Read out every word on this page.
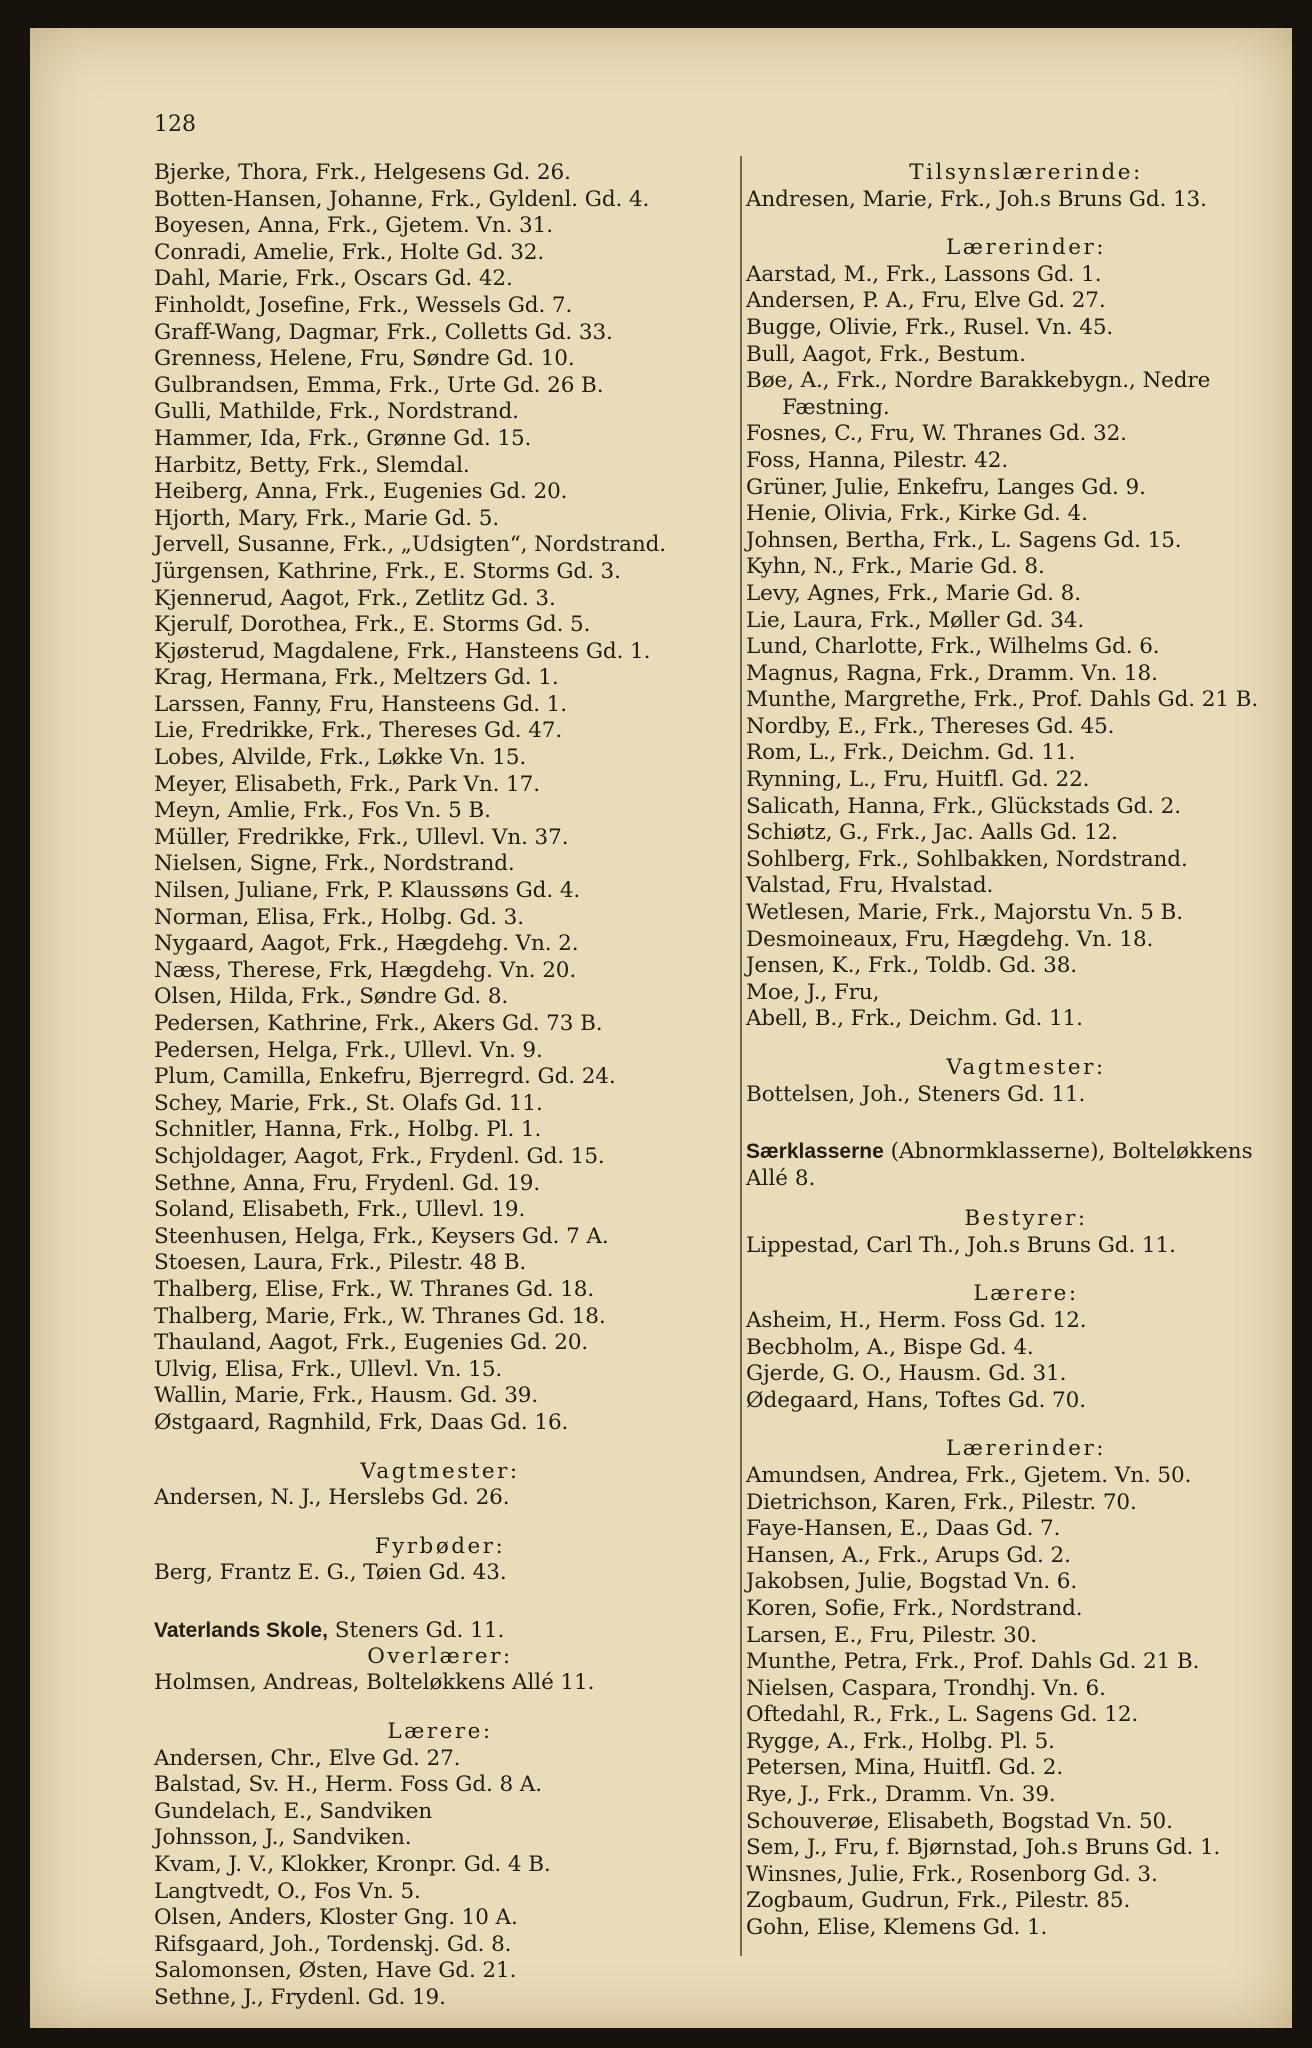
128
Bjerke, Thora, Frk., Helgesens Gd. 26.
Botten-Hansen, Johanne, Frk., Gyldenl. Gd. 4.
Boyesen, Anna, Frk., Gjetem. Vn. 31.
Conradi, Amelie, Frk., Holte Gd. 32.
Dahl, Marie, Frk., Oscars Gd. 42.
Finholdt, Josefine, Frk., Wessels Gd. 7.
Graff-Wang, Dagmar, Frk., Colletts Gd. 33.
Grenness, Helene, Fru, Søndre Gd. 10.
Gulbrandsen, Emma, Frk., Urte Gd. 26 B.
Gulli, Mathilde, Frk., Nordstrand.
Hammer, Ida, Frk., Grønne Gd. 15.
Harbitz, Betty, Frk., Slemdal.
Heiberg, Anna, Frk., Eugenies Gd. 20.
Hjorth, Mary, Frk., Marie Gd. 5.
Jervell, Susanne, Frk., „Udsigten“, Nordstrand.
Jürgensen, Kathrine, Frk., E. Storms Gd. 3.
Kjennerud, Aagot, Frk., Zetlitz Gd. 3.
Kjerulf, Dorothea, Frk., E. Storms Gd. 5.
Kjøsterud, Magdalene, Frk., Hansteens Gd. 1.
Krag, Hermana, Frk., Meltzers Gd. 1.
Larssen, Fanny, Fru, Hansteens Gd. 1.
Lie, Fredrikke, Frk., Thereses Gd. 47.
Lobes, Alvilde, Frk., Løkke Vn. 15.
Meyer, Elisabeth, Frk., Park Vn. 17.
Meyn, Amlie, Frk., Fos Vn. 5 B.
Müller, Fredrikke, Frk., Ullevl. Vn. 37.
Nielsen, Signe, Frk., Nordstrand.
Nilsen, Juliane, Frk, P. Klaussøns Gd. 4.
Norman, Elisa, Frk., Holbg. Gd. 3.
Nygaard, Aagot, Frk., Hægdehg. Vn. 2.
Næss, Therese, Frk, Hægdehg. Vn. 20.
Olsen, Hilda, Frk., Søndre Gd. 8.
Pedersen, Kathrine, Frk., Akers Gd. 73 B.
Pedersen, Helga, Frk., Ullevl. Vn. 9.
Plum, Camilla, Enkefru, Bjerregrd. Gd. 24.
Schey, Marie, Frk., St. Olafs Gd. 11.
Schnitler, Hanna, Frk., Holbg. Pl. 1.
Schjoldager, Aagot, Frk., Frydenl. Gd. 15.
Sethne, Anna, Fru, Frydenl. Gd. 19.
Soland, Elisabeth, Frk., Ullevl. 19.
Steenhusen, Helga, Frk., Keysers Gd. 7 A.
Stoesen, Laura, Frk., Pilestr. 48 B.
Thalberg, Elise, Frk., W. Thranes Gd. 18.
Thalberg, Marie, Frk., W. Thranes Gd. 18.
Thauland, Aagot, Frk., Eugenies Gd. 20.
Ulvig, Elisa, Frk., Ullevl. Vn. 15.
Wallin, Marie, Frk., Hausm. Gd. 39.
Østgaard, Ragnhild, Frk, Daas Gd. 16.
Vagtmester:
Andersen, N. J., Herslebs Gd. 26.
Fyrbøder:
Berg, Frantz E. G., Tøien Gd. 43.
Vaterlands Skole, Steners Gd. 11.
Overlærer:
Holmsen, Andreas, Bolteløkkens Allé 11.
Lærere:
Andersen, Chr., Elve Gd. 27.
Balstad, Sv. H., Herm. Foss Gd. 8 A.
Gundelach, E., Sandviken
Johnsson, J., Sandviken.
Kvam, J. V., Klokker, Kronpr. Gd. 4 B.
Langtvedt, O., Fos Vn. 5.
Olsen, Anders, Kloster Gng. 10 A.
Rifsgaard, Joh., Tordenskj. Gd. 8.
Salomonsen, Østen, Have Gd. 21.
Sethne, J., Frydenl. Gd. 19.
Tilsynslærerinde:
Andresen, Marie, Frk., Joh.s Bruns Gd. 13.
Lærerinder:
Aarstad, M., Frk., Lassons Gd. 1.
Andersen, P. A., Fru, Elve Gd. 27.
Bugge, Olivie, Frk., Rusel. Vn. 45.
Bull, Aagot, Frk., Bestum.
Bøe, A., Frk., Nordre Barakkebygn., Nedre
Fæstning.
Fosnes, C., Fru, W. Thranes Gd. 32.
Foss, Hanna, Pilestr. 42.
Grüner, Julie, Enkefru, Langes Gd. 9.
Henie, Olivia, Frk., Kirke Gd. 4.
Johnsen, Bertha, Frk., L. Sagens Gd. 15.
Kyhn, N., Frk., Marie Gd. 8.
Levy, Agnes, Frk., Marie Gd. 8.
Lie, Laura, Frk., Møller Gd. 34.
Lund, Charlotte, Frk., Wilhelms Gd. 6.
Magnus, Ragna, Frk., Dramm. Vn. 18.
Munthe, Margrethe, Frk., Prof. Dahls Gd. 21 B.
Nordby, E., Frk., Thereses Gd. 45.
Rom, L., Frk., Deichm. Gd. 11.
Rynning, L., Fru, Huitfl. Gd. 22.
Salicath, Hanna, Frk., Glückstads Gd. 2.
Schiøtz, G., Frk., Jac. Aalls Gd. 12.
Sohlberg, Frk., Sohlbakken, Nordstrand.
Valstad, Fru, Hvalstad.
Wetlesen, Marie, Frk., Majorstu Vn. 5 B.
Desmoineaux, Fru, Hægdehg. Vn. 18.
Jensen, K., Frk., Toldb. Gd. 38.
Moe, J., Fru,
Abell, B., Frk., Deichm. Gd. 11.
Vagtmester:
Bottelsen, Joh., Steners Gd. 11.
Særklasserne (Abnormklasserne), Bolteløkkens
Allé 8.
Bestyrer:
Lippestad, Carl Th., Joh.s Bruns Gd. 11.
Lærere:
Asheim, H., Herm. Foss Gd. 12.
Becbholm, A., Bispe Gd. 4.
Gjerde, G. O., Hausm. Gd. 31.
Ødegaard, Hans, Toftes Gd. 70.
Lærerinder:
Amundsen, Andrea, Frk., Gjetem. Vn. 50.
Dietrichson, Karen, Frk., Pilestr. 70.
Faye-Hansen, E., Daas Gd. 7.
Hansen, A., Frk., Arups Gd. 2.
Jakobsen, Julie, Bogstad Vn. 6.
Koren, Sofie, Frk., Nordstrand.
Larsen, E., Fru, Pilestr. 30.
Munthe, Petra, Frk., Prof. Dahls Gd. 21 B.
Nielsen, Caspara, Trondhj. Vn. 6.
Oftedahl, R., Frk., L. Sagens Gd. 12.
Rygge, A., Frk., Holbg. Pl. 5.
Petersen, Mina, Huitfl. Gd. 2.
Rye, J., Frk., Dramm. Vn. 39.
Schouverøe, Elisabeth, Bogstad Vn. 50.
Sem, J., Fru, f. Bjørnstad, Joh.s Bruns Gd. 1.
Winsnes, Julie, Frk., Rosenborg Gd. 3.
Zogbaum, Gudrun, Frk., Pilestr. 85.
Gohn, Elise, Klemens Gd. 1.
